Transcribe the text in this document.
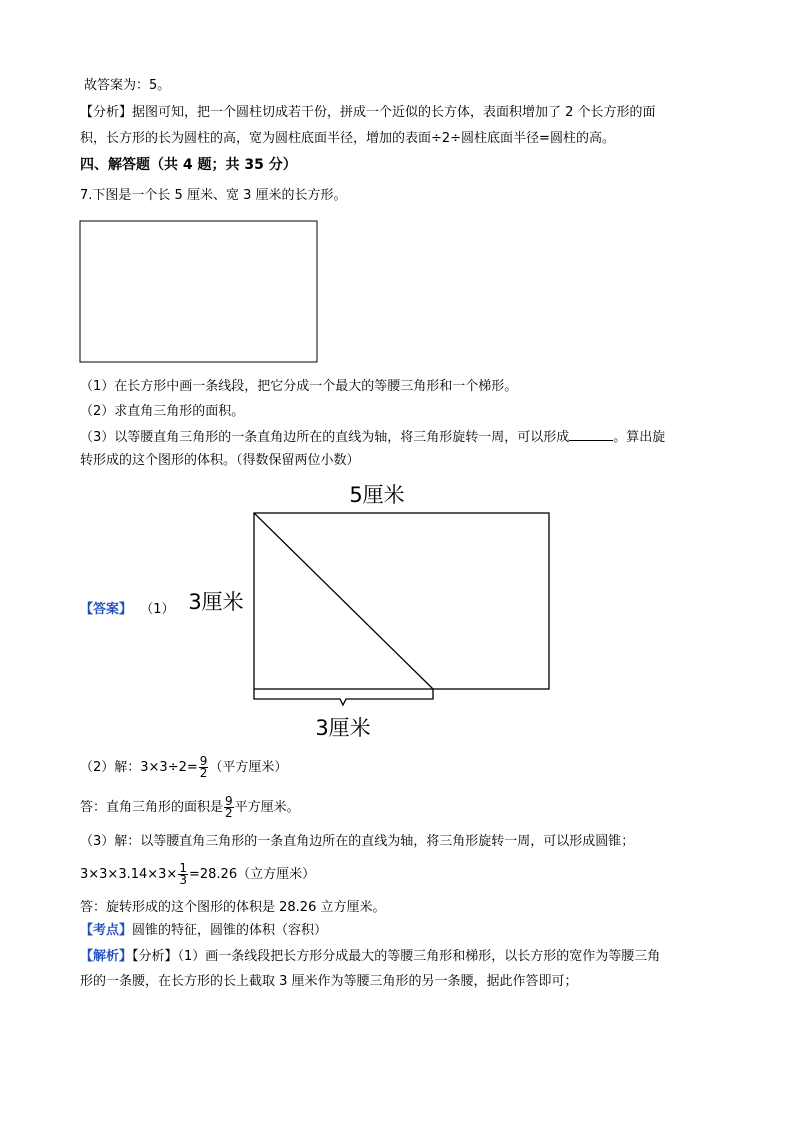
故答案为：5。
【分析】据图可知，把一个圆柱切成若干份，拼成一个近似的长方体，表面积增加了 2 个长方形的面
积，长方形的长为圆柱的高，宽为圆柱底面半径，增加的表面÷2÷圆柱底面半径=圆柱的高。
四、解答题（共 4 题；共 35 分）
7.下图是一个长 5 厘米、宽 3 厘米的长方形。
（1）在长方形中画一条线段，把它分成一个最大的等腰三角形和一个梯形。
（2）求直角三角形的面积。
（3）以等腰直角三角形的一条直角边所在的直线为轴，将三角形旋转一周，可以形成	。算出旋
转形成的这个图形的体积。（得数保留两位小数）
5厘米
3厘米
3厘米
【答案】 （1）
（2）解：$3\times 3\div 2= \frac{9}{2}$ （平方厘米）
答：直角三角形的面积是 $\frac{9}{2}$ 平方厘米。
（3）解：以等腰直角三角形的一条直角边所在的直线为轴，将三角形旋转一周，可以形成圆锥；
$3\times 3\times 3.14\times 3\times \frac{1}{3} =28.26$（立方厘米）
答：旋转形成的这个图形的体积是 28.26 立方厘米。
【考点】圆锥的特征，圆锥的体积（容积）
【解析】【分析】（1）画一条线段把长方形分成最大的等腰三角形和梯形，以长方形的宽作为等腰三角
形的一条腰，在长方形的长上截取 3 厘米作为等腰三角形的另一条腰，据此作答即可；
